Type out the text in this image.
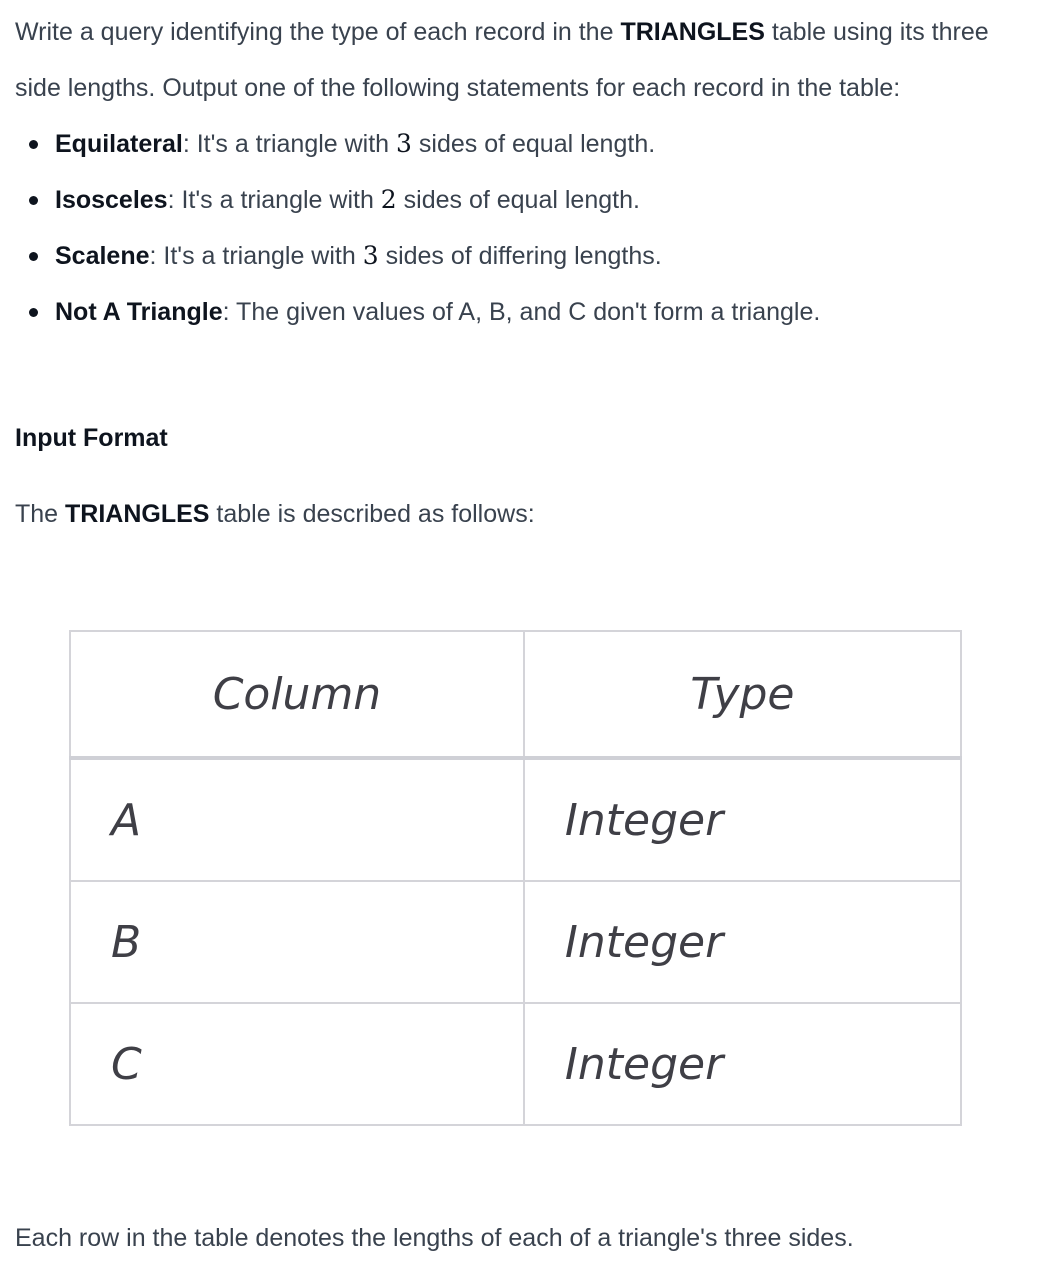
Write a query identifying the type of each record in the TRIANGLES table using its three side lengths. Output one of the following statements for each record in the table:

Equilateral: It's a triangle with 3 sides of equal length.
Isosceles: It's a triangle with 2 sides of equal length.
Scalene: It's a triangle with 3 sides of differing lengths.
Not A Triangle: The given values of A, B, and C don't form a triangle.
Input Format

The TRIANGLES table is described as follows:

Column	Type
A	Integer
B	Integer
C	Integer

Each row in the table denotes the lengths of each of a triangle's three sides.
